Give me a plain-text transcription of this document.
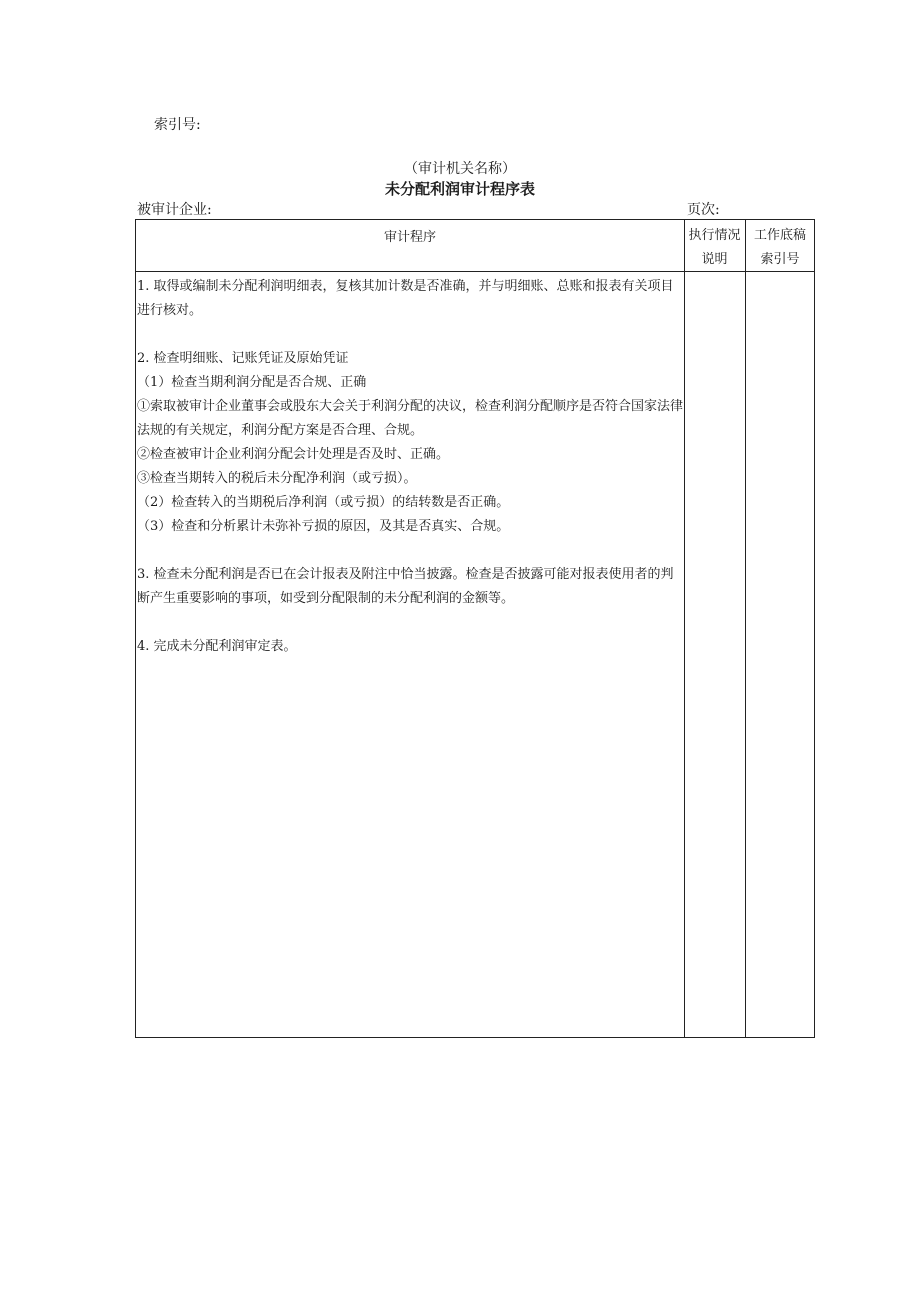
索引号:
（审计机关名称）
未分配利润审计程序表
被审计企业:	页次:
审计程序	执行情况
说明
工作底稿
索引号

1. 取得或编制未分配利润明细表，复核其加计数是否准确，并与明细账、总账和报表有关项目进行核对。

2. 检查明细账、记账凭证及原始凭证

（1）检查当期利润分配是否合规、正确

①索取被审计企业董事会或股东大会关于利润分配的决议，检查利润分配顺序是否符合国家法律法规的有关规定，利润分配方案是否合理、合规。

②检查被审计企业利润分配会计处理是否及时、正确。

③检查当期转入的税后未分配净利润（或亏损）。

（2）检查转入的当期税后净利润（或亏损）的结转数是否正确。

（3）检查和分析累计未弥补亏损的原因，及其是否真实、合规。

3. 检查未分配利润是否已在会计报表及附注中恰当披露。检查是否披露可能对报表使用者的判断产生重要影响的事项，如受到分配限制的未分配利润的金额等。

4. 完成未分配利润审定表。
